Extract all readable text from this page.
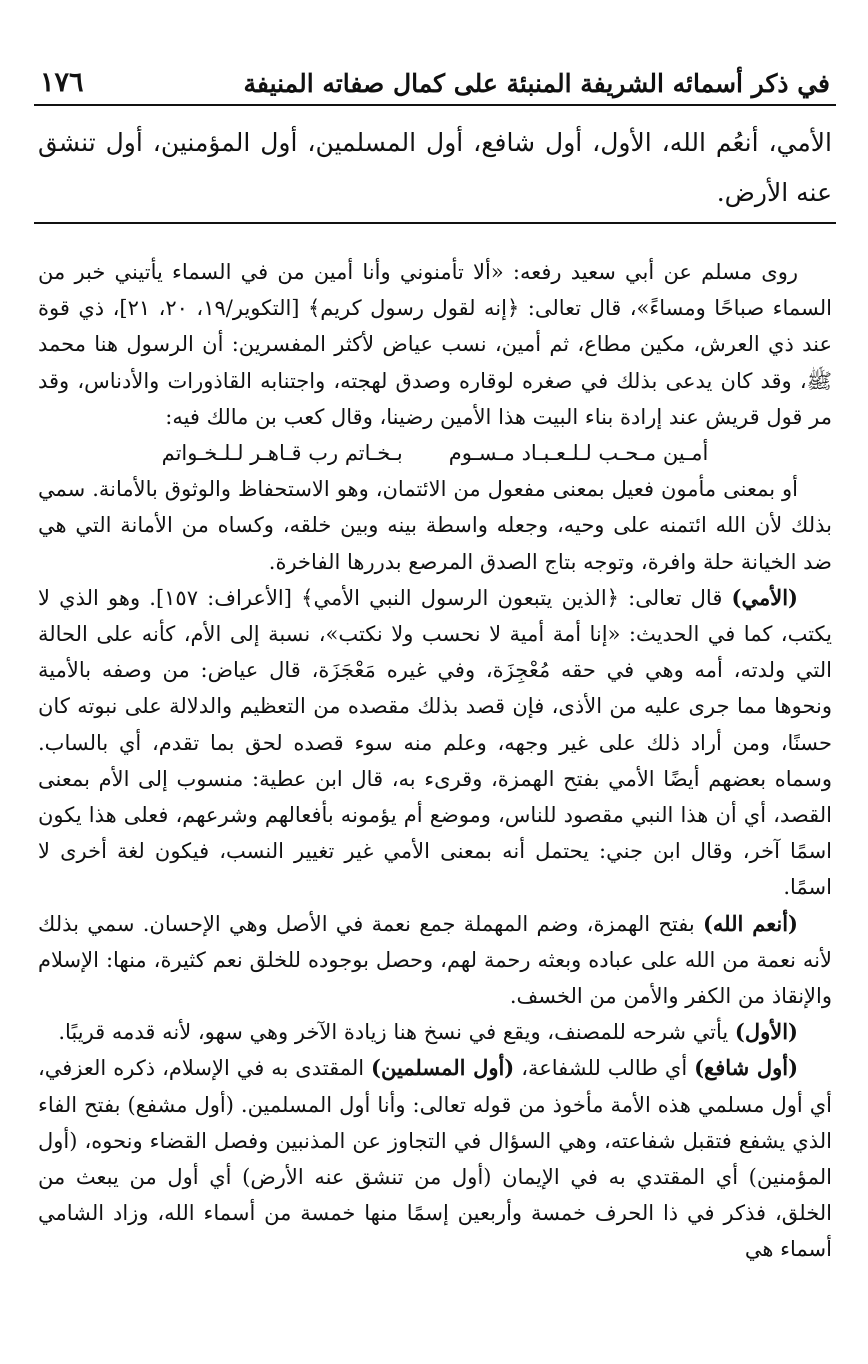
في ذكر أسمائه الشريفة المنبئة على كمال صفاته المنيفة
١٧٦

الأمي، أنعُم الله، الأول، أول شافع، أول المسلمين، أول المؤمنين، أول تنشق عنه الأرض.

روى مسلم عن أبي سعيد رفعه: «ألا تأمنوني وأنا أمين من في السماء يأتيني خبر من السماء صباحًا ومساءً»، قال تعالى: ﴿إنه لقول رسول كريم﴾ [التكوير/١٩، ٢٠، ٢١]، ذي قوة عند ذي العرش، مكين مطاع، ثم أمين، نسب عياض لأكثر المفسرين: أن الرسول هنا محمد ﷺ، وقد كان يدعى بذلك في صغره لوقاره وصدق لهجته، واجتنابه القاذورات والأدناس، وقد مر قول قريش عند إرادة بناء البيت هذا الأمين رضينا، وقال كعب بن مالك فيه:

أمـين مـحـب لـلـعـبـاد مـسـوم
بـخـاتم رب قـاهـر لـلـخـواتم

أو بمعنى مأمون فعيل بمعنى مفعول من الائتمان، وهو الاستحفاظ والوثوق بالأمانة. سمي بذلك لأن الله ائتمنه على وحيه، وجعله واسطة بينه وبين خلقه، وكساه من الأمانة التي هي ضد الخيانة حلة وافرة، وتوجه بتاج الصدق المرصع بدررها الفاخرة.

(الأمي) قال تعالى: ﴿الذين يتبعون الرسول النبي الأمي﴾ [الأعراف: ١٥٧]. وهو الذي لا يكتب، كما في الحديث: «إنا أمة أمية لا نحسب ولا نكتب»، نسبة إلى الأم، كأنه على الحالة التي ولدته، أمه وهي في حقه مُعْجِزَة، وفي غيره مَعْجَزَة، قال عياض: من وصفه بالأمية ونحوها مما جرى عليه من الأذى، فإن قصد بذلك مقصده من التعظيم والدلالة على نبوته كان حسنًا، ومن أراد ذلك على غير وجهه، وعلم منه سوء قصده لحق بما تقدم، أي بالساب. وسماه بعضهم أيضًا الأمي بفتح الهمزة، وقرىء به، قال ابن عطية: منسوب إلى الأم بمعنى القصد، أي أن هذا النبي مقصود للناس، وموضع أم يؤمونه بأفعالهم وشرعهم، فعلى هذا يكون اسمًا آخر، وقال ابن جني: يحتمل أنه بمعنى الأمي غير تغيير النسب، فيكون لغة أخرى لا اسمًا.

(أنعم الله) بفتح الهمزة، وضم المهملة جمع نعمة في الأصل وهي الإحسان. سمي بذلك لأنه نعمة من الله على عباده وبعثه رحمة لهم، وحصل بوجوده للخلق نعم كثيرة، منها: الإسلام والإنقاذ من الكفر والأمن من الخسف.

(الأول) يأتي شرحه للمصنف، ويقع في نسخ هنا زيادة الآخر وهي سهو، لأنه قدمه قريبًا.

(أول شافع) أي طالب للشفاعة، (أول المسلمين) المقتدى به في الإسلام، ذكره العزفي، أي أول مسلمي هذه الأمة مأخوذ من قوله تعالى: وأنا أول المسلمين. (أول مشفع) بفتح الفاء الذي يشفع فتقبل شفاعته، وهي السؤال في التجاوز عن المذنبين وفصل القضاء ونحوه، (أول المؤمنين) أي المقتدي به في الإيمان (أول من تنشق عنه الأرض) أي أول من يبعث من الخلق، فذكر في ذا الحرف خمسة وأربعين إسمًا منها خمسة من أسماء الله، وزاد الشامي أسماء هي
